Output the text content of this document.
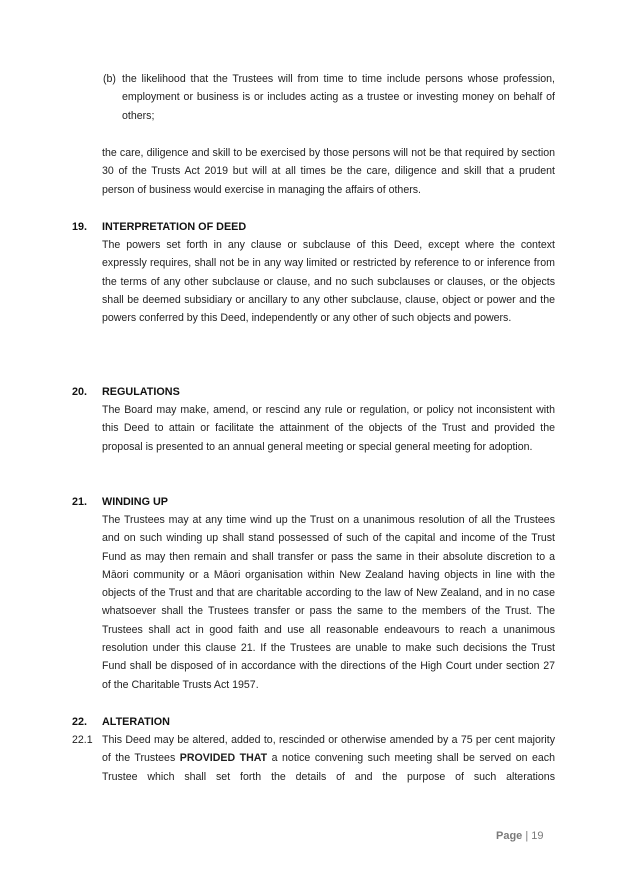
(b) the likelihood that the Trustees will from time to time include persons whose profession, employment or business is or includes acting as a trustee or investing money on behalf of others;

the care, diligence and skill to be exercised by those persons will not be that required by section 30 of the Trusts Act 2019 but will at all times be the care, diligence and skill that a prudent person of business would exercise in managing the affairs of others.

19. INTERPRETATION OF DEED

The powers set forth in any clause or subclause of this Deed, except where the context expressly requires, shall not be in any way limited or restricted by reference to or inference from the terms of any other subclause or clause, and no such subclauses or clauses, or the objects shall be deemed subsidiary or ancillary to any other subclause, clause, object or power and the powers conferred by this Deed, independently or any other of such objects and powers.

20. REGULATIONS

The Board may make, amend, or rescind any rule or regulation, or policy not inconsistent with this Deed to attain or facilitate the attainment of the objects of the Trust and provided the proposal is presented to an annual general meeting or special general meeting for adoption.

21. WINDING UP

The Trustees may at any time wind up the Trust on a unanimous resolution of all the Trustees and on such winding up shall stand possessed of such of the capital and income of the Trust Fund as may then remain and shall transfer or pass the same in their absolute discretion to a Māori community or a Māori organisation within New Zealand having objects in line with the objects of the Trust and that are charitable according to the law of New Zealand, and in no case whatsoever shall the Trustees transfer or pass the same to the members of the Trust. The Trustees shall act in good faith and use all reasonable endeavours to reach a unanimous resolution under this clause 21. If the Trustees are unable to make such decisions the Trust Fund shall be disposed of in accordance with the directions of the High Court under section 27 of the Charitable Trusts Act 1957.

22. ALTERATION
22.1 This Deed may be altered, added to, rescinded or otherwise amended by a 75 per cent majority of the Trustees PROVIDED THAT a notice convening such meeting shall be served on each Trustee which shall set forth the details of and the purpose of such alterations

Page | 19
